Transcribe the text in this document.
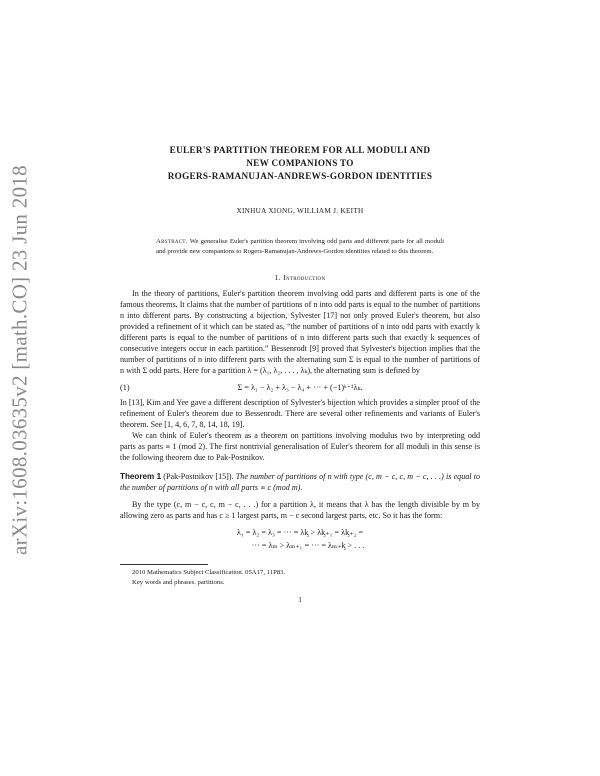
arXiv:1608.03635v2 [math.CO] 23 Jun 2018

EULER'S PARTITION THEOREM FOR ALL MODULI AND

NEW COMPANIONS TO

ROGERS-RAMANUJAN-ANDREWS-GORDON IDENTITIES

XINHUA XIONG, WILLIAM J. KEITH
Abstract. We generalise Euler's partition theorem involving odd parts and different parts for all moduli and provide new companions to Rogers-Ramanujan-Andrews-Gordon identities related to this theorem.
1. Introduction

In the theory of partitions, Euler's partition theorem involving odd parts and different parts is one of the famous theorems. It claims that the number of partitions of n into odd parts is equal to the number of partitions n into different parts. By constructing a bijection, Sylvester [17] not only proved Euler's theorem, but also provided a refinement of it which can be stated as, “the number of partitions of n into odd parts with exactly k different parts is equal to the number of partitions of n into different parts such that exactly k sequences of consecutive integers occur in each partition.” Bessenrodt [9] proved that Sylvester's bijection implies that the number of partitions of n into different parts with the alternating sum Σ is equal to the number of partitions of n with Σ odd parts. Here for a partition λ = (λ₁, λ₂, . . . , λₖ), the alternating sum is defined by

(1)	Σ = λ₁ − λ₂ + λ₃ − λ₄ + ··· + (−1)ᵏ⁺¹λₖ.

In [13], Kim and Yee gave a different description of Sylvester's bijection which provides a simpler proof of the refinement of Euler's theorem due to Bessenrodt. There are several other refinements and variants of Euler's theorem. See [1, 4, 6, 7, 8, 14, 18, 19].

We can think of Euler's theorem as a theorem on partitions involving modulus two by interpreting odd parts as parts ≡ 1 (mod 2). The first nontrivial generalisation of Euler's theorem for all moduli in this sense is the following theorem due to Pak-Postnikov.

Theorem 1 (Pak-Postnikov [15]). The number of partitions of n with type (c, m − c, c, m − c, . . .) is equal to the number of partitions of n with all parts ≡ c (mod m).

By the type (c, m − c, c, m − c, . . .) for a partition λ, it means that λ has the length divisible by m by allowing zero as parts and has c ≥ 1 largest parts, m − c second largest parts, etc. So it has the form:

λ₁ = λ₂ = λ₃ = ··· = λᶄ > λᶄ₊₁ = λᶄ₊₂ =
··· = λₘ > λₘ₊₁ = ··· = λₘ₊ᶄ > . . .
2010 Mathematics Subject Classification. 05A17, 11P83.
Key words and phrases. partitions.
1
